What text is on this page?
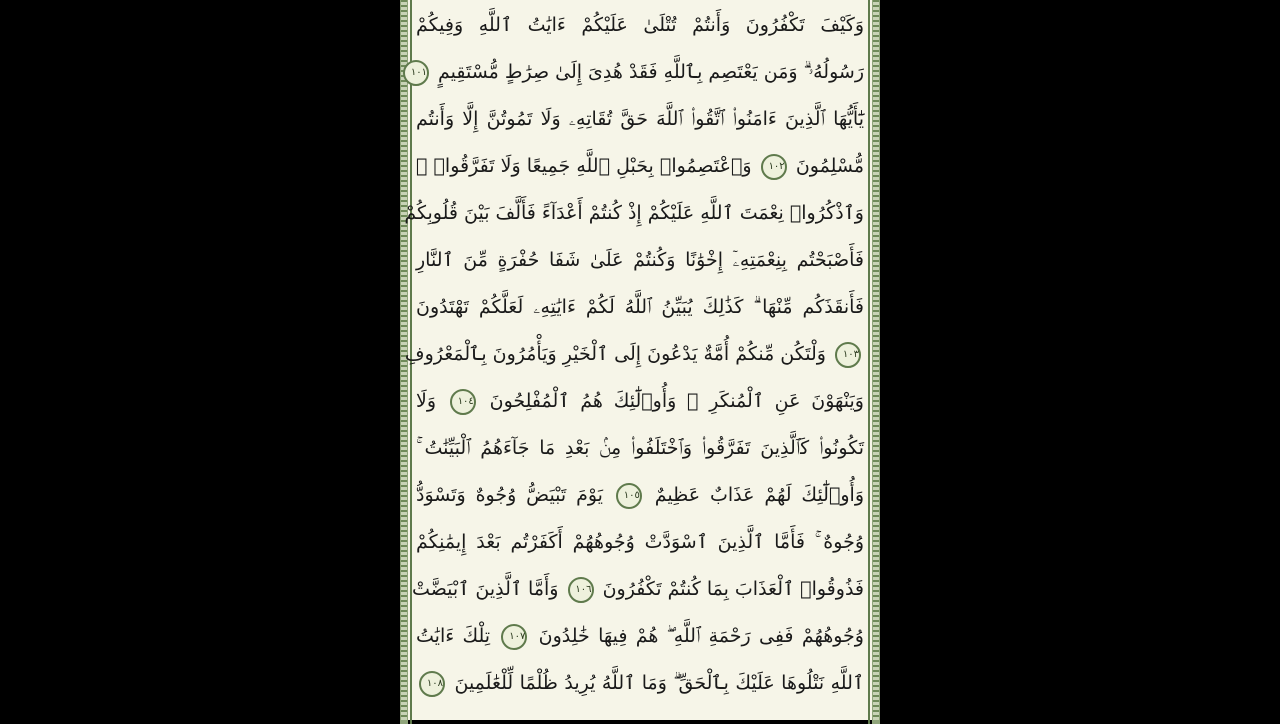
وَكَيْفَ تَكْفُرُونَ وَأَنتُمْ تُتْلَىٰ عَلَيْكُمْ ءَايَٰتُ ٱللَّهِ وَفِيكُمْ
رَسُولُهُۥ ۗ وَمَن يَعْتَصِم بِٱللَّهِ فَقَدْ هُدِىَ إِلَىٰ صِرَٰطٍ مُّسْتَقِيمٍ ١٠١
يَٰٓأَيُّهَا ٱلَّذِينَ ءَامَنُوا۟ ٱتَّقُوا۟ ٱللَّهَ حَقَّ تُقَاتِهِۦ وَلَا تَمُوتُنَّ إِلَّا وَأَنتُم
مُّسْلِمُونَ ١٠٢ وَٱعْتَصِمُوا۟ بِحَبْلِ ٱللَّهِ جَمِيعًا وَلَا تَفَرَّقُوا۟ ۚ
وَٱذْكُرُوا۟ نِعْمَتَ ٱللَّهِ عَلَيْكُمْ إِذْ كُنتُمْ أَعْدَآءً فَأَلَّفَ بَيْنَ قُلُوبِكُمْ
فَأَصْبَحْتُم بِنِعْمَتِهِۦٓ إِخْوَٰنًا وَكُنتُمْ عَلَىٰ شَفَا حُفْرَةٍ مِّنَ ٱلنَّارِ
فَأَنقَذَكُم مِّنْهَا ۗ كَذَٰلِكَ يُبَيِّنُ ٱللَّهُ لَكُمْ ءَايَٰتِهِۦ لَعَلَّكُمْ تَهْتَدُونَ
١٠٣ وَلْتَكُن مِّنكُمْ أُمَّةٌ يَدْعُونَ إِلَى ٱلْخَيْرِ وَيَأْمُرُونَ بِٱلْمَعْرُوفِ
وَيَنْهَوْنَ عَنِ ٱلْمُنكَرِ ۚ وَأُو۟لَٰٓئِكَ هُمُ ٱلْمُفْلِحُونَ ١٠٤ وَلَا
تَكُونُوا۟ كَٱلَّذِينَ تَفَرَّقُوا۟ وَٱخْتَلَفُوا۟ مِنۢ بَعْدِ مَا جَآءَهُمُ ٱلْبَيِّنَٰتُ ۚ
وَأُو۟لَٰٓئِكَ لَهُمْ عَذَابٌ عَظِيمٌ ١٠٥ يَوْمَ تَبْيَضُّ وُجُوهٌ وَتَسْوَدُّ
وُجُوهٌ ۚ فَأَمَّا ٱلَّذِينَ ٱسْوَدَّتْ وُجُوهُهُمْ أَكَفَرْتُم بَعْدَ إِيمَٰنِكُمْ
فَذُوقُوا۟ ٱلْعَذَابَ بِمَا كُنتُمْ تَكْفُرُونَ ١٠٦ وَأَمَّا ٱلَّذِينَ ٱبْيَضَّتْ
وُجُوهُهُمْ فَفِى رَحْمَةِ ٱللَّهِ ۖ هُمْ فِيهَا خَٰلِدُونَ ١٠٧ تِلْكَ ءَايَٰتُ
ٱللَّهِ نَتْلُوهَا عَلَيْكَ بِٱلْحَقِّ ۗ وَمَا ٱللَّهُ يُرِيدُ ظُلْمًا لِّلْعَٰلَمِينَ ١٠٨
